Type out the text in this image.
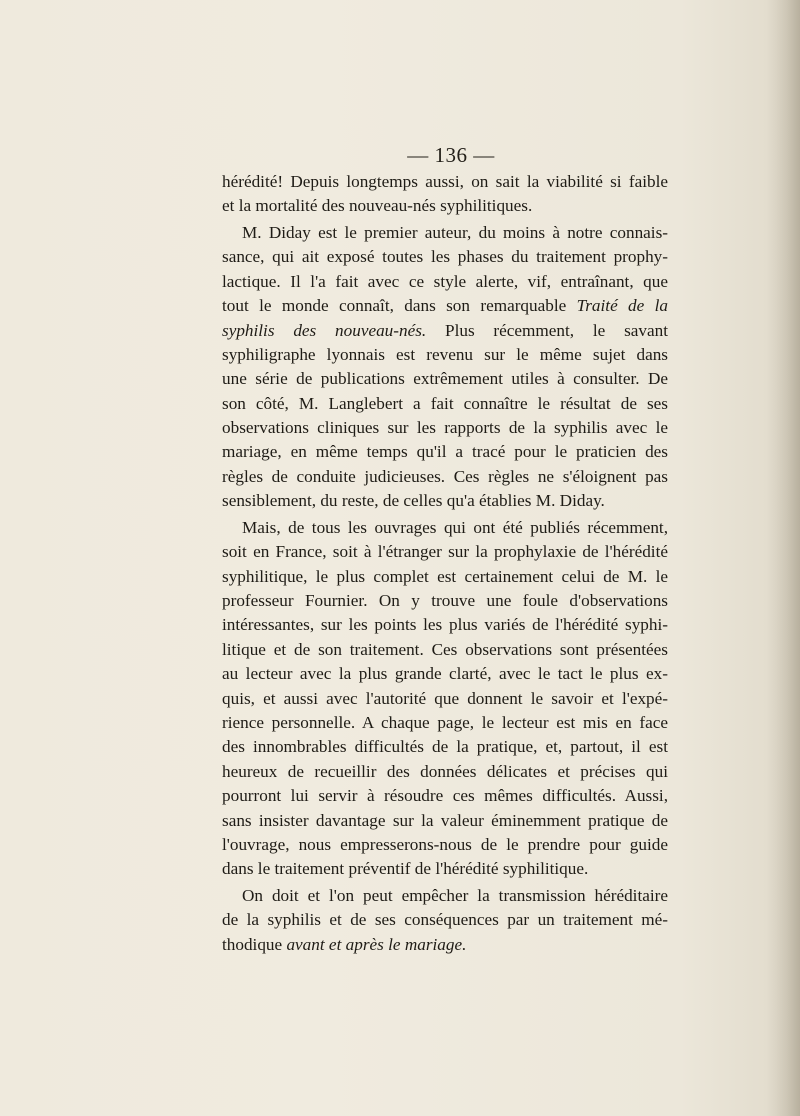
— 136 —
hérédité! Depuis longtemps aussi, on sait la viabilité si faible
et la mortalité des nouveau-nés syphilitiques.
M. Diday est le premier auteur, du moins à notre connais-
sance, qui ait exposé toutes les phases du traitement prophy-
lactique. Il l'a fait avec ce style alerte, vif, entraînant, que
tout le monde connaît, dans son remarquable Traité de la
syphilis des nouveau-nés. Plus récemment, le savant
syphiligraphe lyonnais est revenu sur le même sujet dans
une série de publications extrêmement utiles à consulter. De
son côté, M. Langlebert a fait connaître le résultat de ses
observations cliniques sur les rapports de la syphilis avec le
mariage, en même temps qu'il a tracé pour le praticien des
règles de conduite judicieuses. Ces règles ne s'éloignent pas
sensiblement, du reste, de celles qu'a établies M. Diday.
Mais, de tous les ouvrages qui ont été publiés récemment,
soit en France, soit à l'étranger sur la prophylaxie de l'hérédité
syphilitique, le plus complet est certainement celui de M. le
professeur Fournier. On y trouve une foule d'observations
intéressantes, sur les points les plus variés de l'hérédité syphi-
litique et de son traitement. Ces observations sont présentées
au lecteur avec la plus grande clarté, avec le tact le plus ex-
quis, et aussi avec l'autorité que donnent le savoir et l'expé-
rience personnelle. A chaque page, le lecteur est mis en face
des innombrables difficultés de la pratique, et, partout, il est
heureux de recueillir des données délicates et précises qui
pourront lui servir à résoudre ces mêmes difficultés. Aussi,
sans insister davantage sur la valeur éminemment pratique de
l'ouvrage, nous empresserons-nous de le prendre pour guide
dans le traitement préventif de l'hérédité syphilitique.
On doit et l'on peut empêcher la transmission héréditaire
de la syphilis et de ses conséquences par un traitement mé-
thodique avant et après le mariage.
